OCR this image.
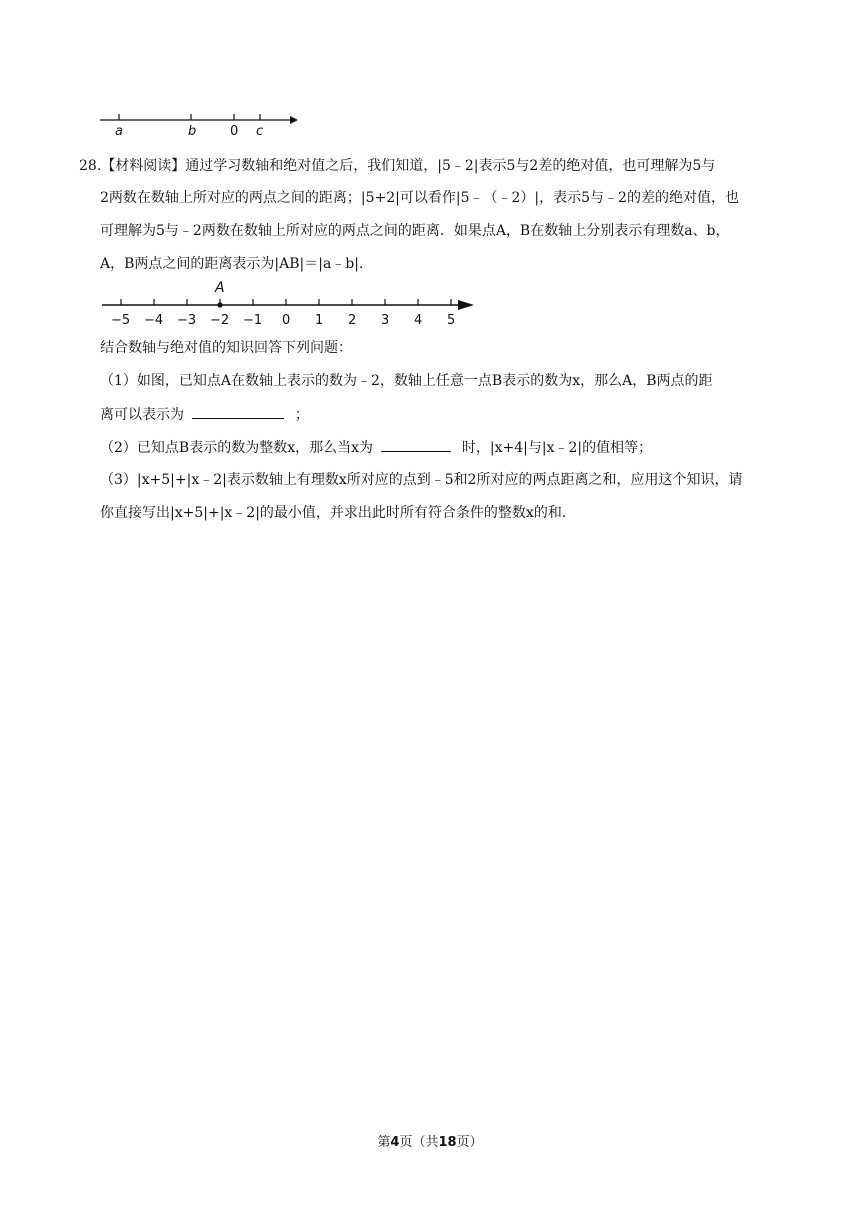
a	b	0 c
28.【材料阅读】通过学习数轴和绝对值之后，我们知道，|5﹣2|表示5与2差的绝对值，也可理解为5与
2两数在数轴上所对应的两点之间的距离；|5+2|可以看作|5﹣（﹣2）|，表示5与﹣2的差的绝对值，也
可理解为5与﹣2两数在数轴上所对应的两点之间的距离．如果点A，B在数轴上分别表示有理数a、b，
A，B两点之间的距离表示为|AB|＝|a﹣b|．
A
−5 −4 −3 −2 −1 0 1 2 3 4 5
结合数轴与绝对值的知识回答下列问题：
（1）如图，已知点A在数轴上表示的数为﹣2，数轴上任意一点B表示的数为x，那么A，B两点的距
离可以表示为	；
（2）已知点B表示的数为整数x，那么当x为	时，|x+4|与|x﹣2|的值相等；
（3）|x+5|+|x﹣2|表示数轴上有理数x所对应的点到﹣5和2所对应的两点距离之和，应用这个知识，请
你直接写出|x+5|+|x﹣2|的最小值，并求出此时所有符合条件的整数x的和．
第4页（共18页）
